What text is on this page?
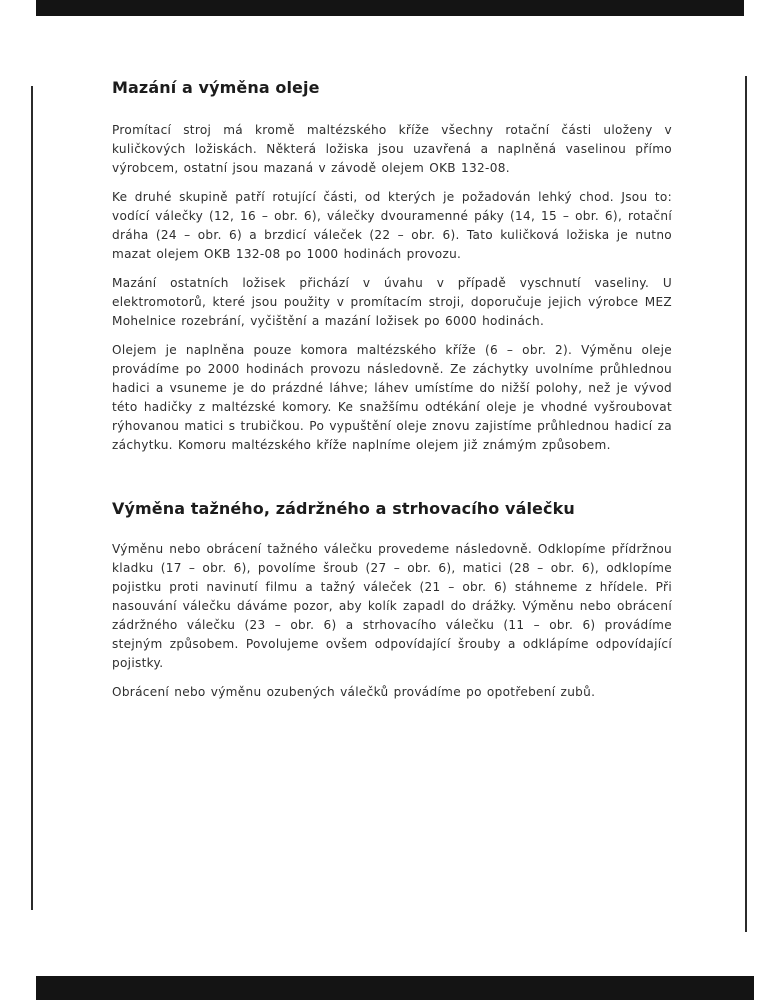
Mazání a výměna oleje

Promítací stroj má kromě maltézského kříže všechny rotační části uloženy v kuličkových ložiskách. Některá ložiska jsou uzavřená a naplněná vaselinou přímo výrobcem, ostatní jsou mazaná v závodě olejem OKB 132-08.

Ke druhé skupině patří rotující části, od kterých je požadován lehký chod. Jsou to: vodící válečky (12, 16 – obr. 6), válečky dvouramenné páky (14, 15 – obr. 6), rotační dráha (24 – obr. 6) a brzdicí váleček (22 – obr. 6). Tato kuličková ložiska je nutno mazat olejem OKB 132-08 po 1000 hodinách provozu.

Mazání ostatních ložisek přichází v úvahu v případě vyschnutí vaseliny. U elektromotorů, které jsou použity v promítacím stroji, doporučuje jejich výrobce MEZ Mohelnice rozebrání, vyčištění a mazání ložisek po 6000 hodinách.

Olejem je naplněna pouze komora maltézského kříže (6 – obr. 2). Výměnu oleje provádíme po 2000 hodinách provozu následovně. Ze záchytky uvolníme průhlednou hadici a vsuneme je do prázdné láhve; láhev umístíme do nižší polohy, než je vývod této hadičky z maltézské komory. Ke snažšímu odtékání oleje je vhodné vyšroubovat rýhovanou matici s trubičkou. Po vypuštění oleje znovu zajistíme průhlednou hadicí za záchytku. Komoru maltézského kříže naplníme olejem již známým způsobem.

Výměna tažného, zádržného a strhovacího válečku

Výměnu nebo obrácení tažného válečku provedeme následovně. Odklopíme přídržnou kladku (17 – obr. 6), povolíme šroub (27 – obr. 6), matici (28 – obr. 6), odklopíme pojistku proti navinutí filmu a tažný váleček (21 – obr. 6) stáhneme z hřídele. Při nasouvání válečku dáváme pozor, aby kolík zapadl do drážky. Výměnu nebo obrácení zádržného válečku (23 – obr. 6) a strhovacího válečku (11 – obr. 6) provádíme stejným způsobem. Povolujeme ovšem odpovídající šrouby a odklápíme odpovídající pojistky.

Obrácení nebo výměnu ozubených válečků provádíme po opotřebení zubů.
